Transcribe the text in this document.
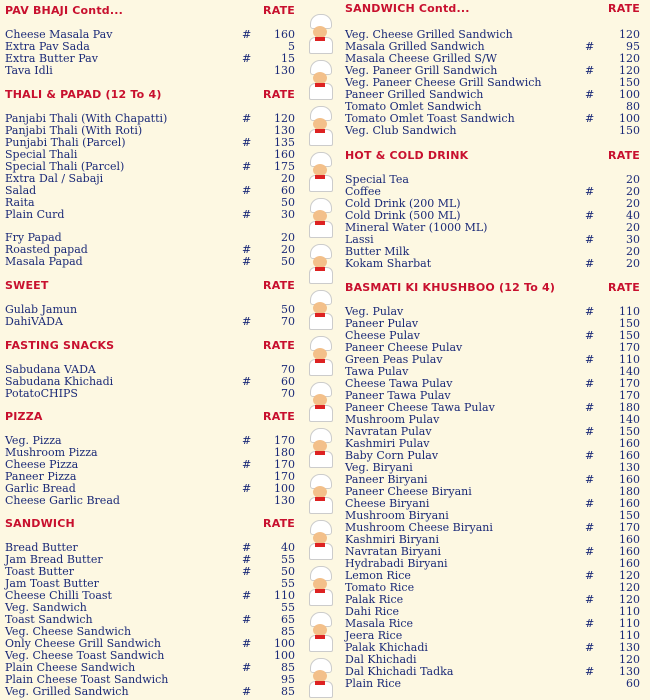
PAV BHAJI Contd...	RATE
Cheese Masala Pav	# 160
Extra Pav Sada	5
Extra Butter Pav	#	15
Tava Idli	130
THALI & PAPAD (12 To 4)	RATE
Panjabi Thali (With Chapatti)	# 120
Panjabi Thali (With Roti)	130
Punjabi Thali (Parcel)	# 135
Special Thali	160
Special Thali (Parcel)	# 175
Extra Dal / Sabaji	20
Salad	#	60
Raita	50
Plain Curd	#	30
Fry Papad	20
Roasted papad	#	20
Masala Papad	#	50
SWEET	RATE
Gulab Jamun	50
DahiVADA	#	70
FASTING SNACKS	RATE
Sabudana VADA	70
Sabudana Khichadi	#	60
PotatoCHIPS	70
PIZZA	RATE
Veg. Pizza	# 170
Mushroom Pizza	180
Cheese Pizza	# 170
Paneer Pizza	170
Garlic Bread	# 100
Cheese Garlic Bread	130
SANDWICH	RATE
Bread Butter	#	40
Jam Bread Butter	#	55
Toast Butter	#	50
Jam Toast Butter	55
Cheese Chilli Toast	# 110
Veg. Sandwich	55
Toast Sandwich	#	65
Veg. Cheese Sandwich	85
Only Cheese Grill Sandwich	# 100
Veg. Cheese Toast Sandwich	100
Plain Cheese Sandwich	#	85
Plain Cheese Toast Sandwich	95
Veg. Grilled Sandwich	#	85
SANDWICH Contd...	RATE
Veg. Cheese Grilled Sandwich	120
Masala Grilled Sandwich	#	95
Masala Cheese Grilled S/W	120
Veg. Paneer Grill Sandwich	# 120
Veg. Paneer Cheese Grill Sandwich	150
Paneer Grilled Sandwich	# 100
Tomato Omlet Sandwich	80
Tomato Omlet Toast Sandwich	# 100
Veg. Club Sandwich	150
HOT & COLD DRINK	RATE
Special Tea	20
Coffee	#	20
Cold Drink (200 ML)	20
Cold Drink (500 ML)	#	40
Mineral Water (1000 ML)	20
Lassi	#	30
Butter Milk	20
Kokam Sharbat	#	20
BASMATI KI KHUSHBOO (12 To 4)	RATE
Veg. Pulav	# 110
Paneer Pulav	150
Cheese Pulav	# 150
Paneer Cheese Pulav	170
Green Peas Pulav	# 110
Tawa Pulav	140
Cheese Tawa Pulav	# 170
Paneer Tawa Pulav	170
Paneer Cheese Tawa Pulav	# 180
Mushroom Pulav	140
Navratan Pulav	# 150
Kashmiri Pulav	160
Baby Corn Pulav	# 160
Veg. Biryani	130
Paneer Biryani	# 160
Paneer Cheese Biryani	180
Cheese Biryani	# 160
Mushroom Biryani	150
Mushroom Cheese Biryani	# 170
Kashmiri Biryani	160
Navratan Biryani	# 160
Hydrabadi Biryani	160
Lemon Rice	# 120
Tomato Rice	120
Palak Rice	# 120
Dahi Rice	110
Masala Rice	# 110
Jeera Rice	110
Palak Khichadi	# 130
Dal Khichadi	120
Dal Khichadi Tadka	# 130
Plain Rice	60
